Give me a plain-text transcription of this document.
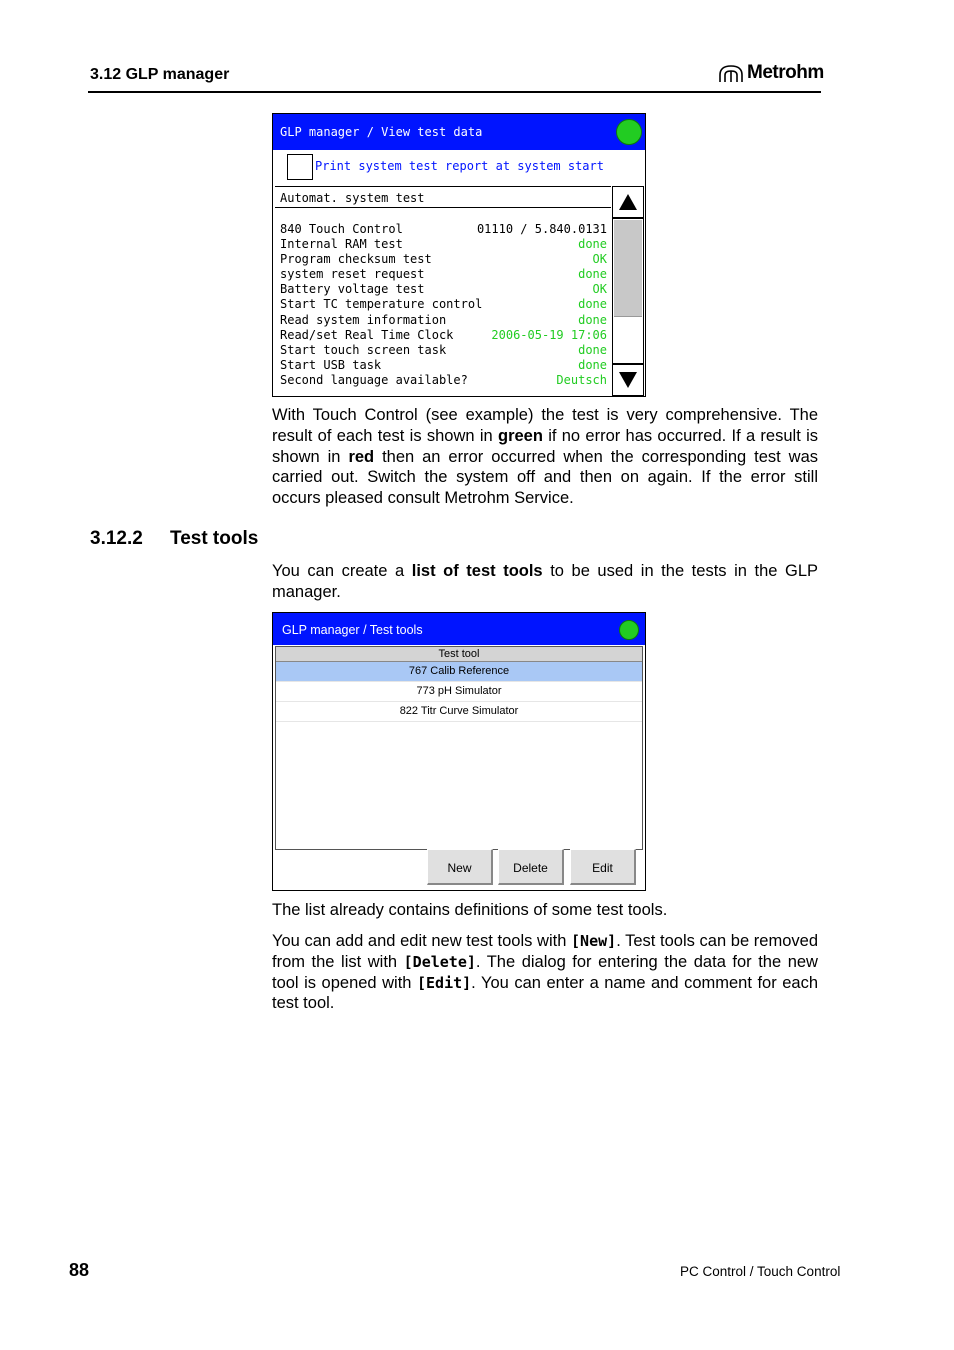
3.12 GLP manager	Metrohm
GLP manager / View test data
Print system test report at system start
Automat. system test
840 Touch Control	01110 / 5.840.0131
Internal RAM test	done
Program checksum test	OK
system reset request	done
Battery voltage test	OK
Start TC temperature control	done
Read system information	done
Read/set Real Time Clock	2006-05-19 17:06
Start touch screen task	done
Start USB task	done
Second language available?	Deutsch
With Touch Control (see example) the test is very comprehensive. The result of each test is shown in green if no error has occurred. If a result is shown in red then an error occurred when the corresponding test was carried out. Switch the system off and then on again. If the error still occurs pleased consult Metrohm Service.
3.12.2 Test tools
You can create a list of test tools to be used in the tests in the GLP manager.
GLP manager / Test tools
Test tool
767 Calib Reference
773 pH Simulator
822 Titr Curve Simulator
New	Delete	Edit
The list already contains definitions of some test tools.
You can add and edit new test tools with [New]. Test tools can be removed from the list with [Delete]. The dialog for entering the data for the new tool is opened with [Edit]. You can enter a name and comment for each test tool.
88	PC Control / Touch Control
